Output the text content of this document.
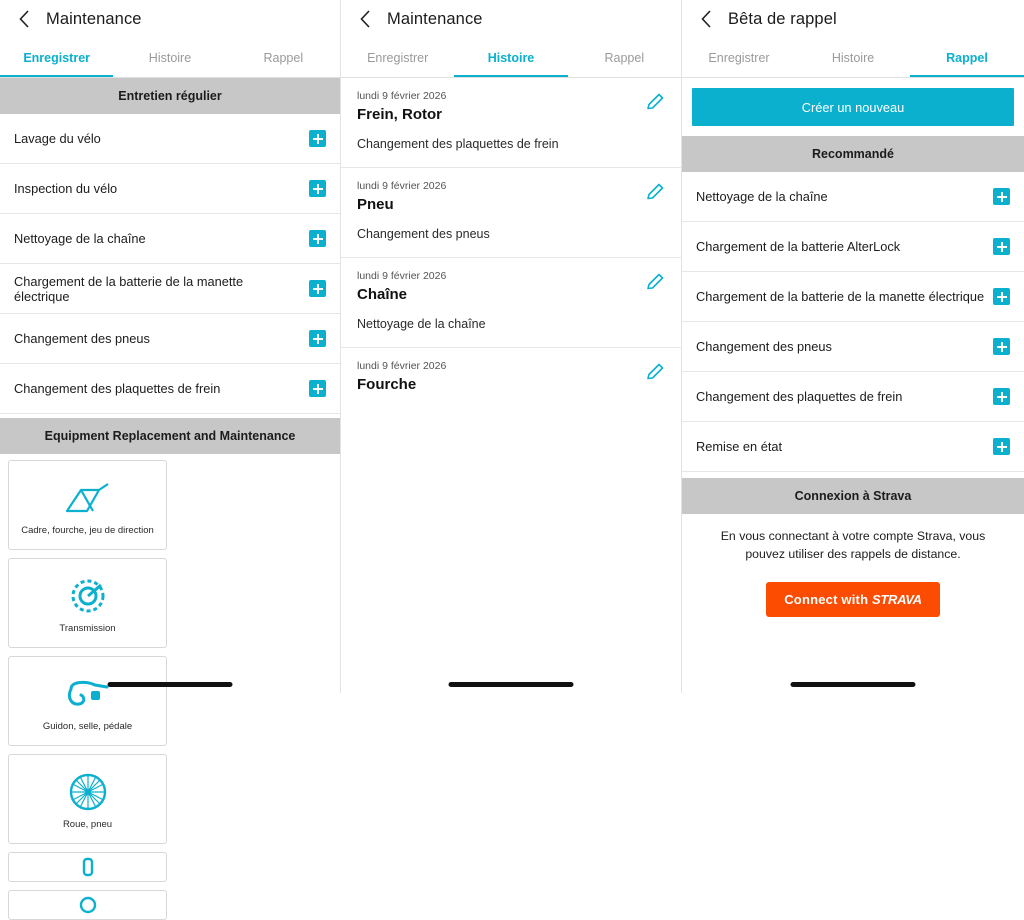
Maintenance
Enregistrer	Histoire	Rappel
Entretien régulier
Lavage du vélo
Inspection du vélo
Nettoyage de la chaîne
Chargement de la batterie de la manette électrique
Changement des pneus
Changement des plaquettes de frein
Equipment Replacement and Maintenance
Cadre, fourche, jeu de direction
Transmission
Guidon, selle, pédale
Roue, pneu
Maintenance
Enregistrer	Histoire	Rappel
lundi 9 février 2026
Frein, Rotor
Changement des plaquettes de frein
lundi 9 février 2026
Pneu
Changement des pneus
lundi 9 février 2026
Chaîne
Nettoyage de la chaîne
lundi 9 février 2026
Fourche
Bêta de rappel
Enregistrer	Histoire	Rappel
Créer un nouveau
Recommandé
Nettoyage de la chaîne
Chargement de la batterie AlterLock
Chargement de la batterie de la manette électrique
Changement des pneus
Changement des plaquettes de frein
Remise en état
Connexion à Strava
En vous connectant à votre compte Strava, vous pouvez utiliser des rappels de distance.
Connect with STRAVA
